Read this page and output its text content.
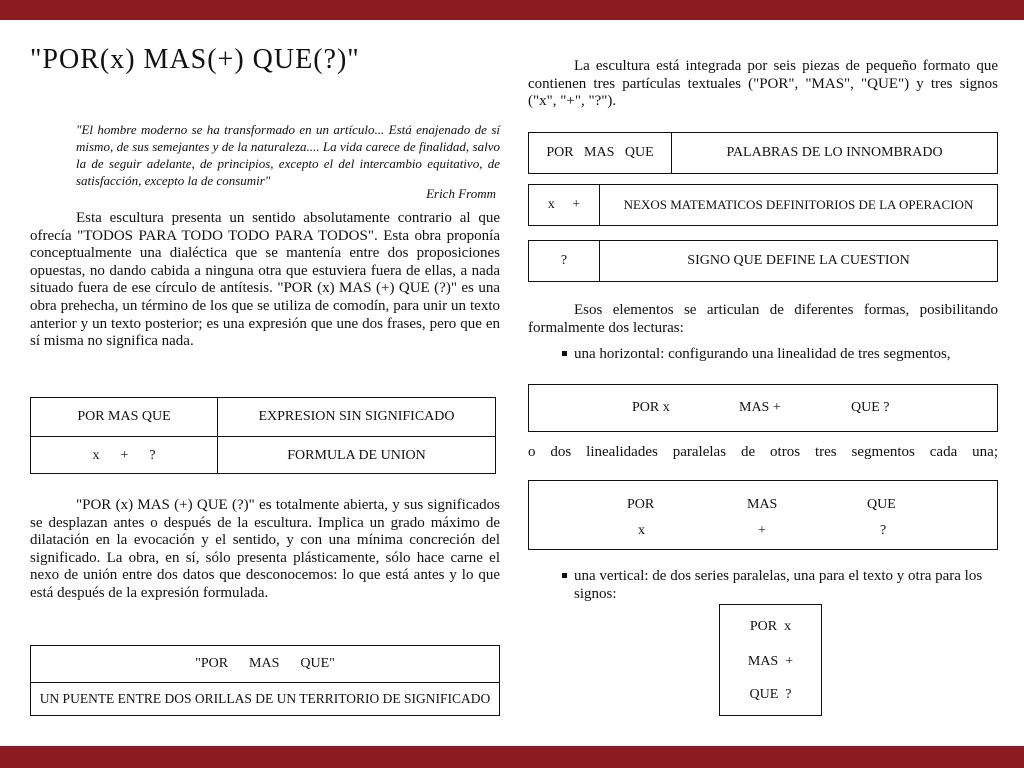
"POR(x) MAS(+) QUE(?)"
"El hombre moderno se ha transformado en un artículo... Está enajenado de sí mismo, de sus semejantes y de la naturaleza.... La vida carece de finalidad, salvo la de seguir adelante, de principios, excepto el del intercambio equitativo, de satisfacción, excepto la de consumir"
Erich Fromm
Esta escultura presenta un sentido absolutamente contrario al que ofrecía "TODOS PARA TODO TODO PARA TODOS". Esta obra proponía conceptualmente una dialéctica que se mantenía entre dos proposiciones opuestas, no dando cabida a ninguna otra que estuviera fuera de ellas, a nada situado fuera de ese círculo de antítesis. "POR (x) MAS (+) QUE (?)" es una obra prehecha, un término de los que se utiliza de comodín, para unir un texto anterior y un texto posterior; es una expresión que une dos frases, pero que en sí misma no significa nada.
POR MAS QUE	EXPRESION SIN SIGNIFICADO
x      +      ?	FORMULA DE UNION
"POR (x) MAS (+) QUE (?)" es totalmente abierta, y sus significados se desplazan antes o después de la escultura. Implica un grado máximo de dilatación en la evocación y el sentido, y con una mínima concreción del significado. La obra, en sí, sólo presenta plásticamente, sólo hace carne el nexo de unión entre dos datos que desconocemos: lo que está antes y lo que está después de la expresión formulada.
"POR      MAS      QUE"
UN PUENTE ENTRE DOS ORILLAS DE UN TERRITORIO DE SIGNIFICADO
La escultura está integrada por seis piezas de pequeño formato que contienen tres partículas textuales ("POR", "MAS", "QUE") y tres signos ("x", "+", "?").
POR   MAS   QUE	PALABRAS DE LO INNOMBRADO
x     +	NEXOS MATEMATICOS DEFINITORIOS DE LA OPERACION
?	SIGNO QUE DEFINE LA CUESTION
Esos elementos se articulan de diferentes formas, posibilitando formalmente dos lecturas:
una horizontal: configurando una linealidad de tres segmentos,
POR x	MAS +	QUE ?
o dos linealidades paralelas de otros tres segmentos cada una;
POR	MAS	QUE
x	+	?
una vertical: de dos series paralelas, una para el texto y otra para los signos:
POR  x
MAS  +
QUE  ?
